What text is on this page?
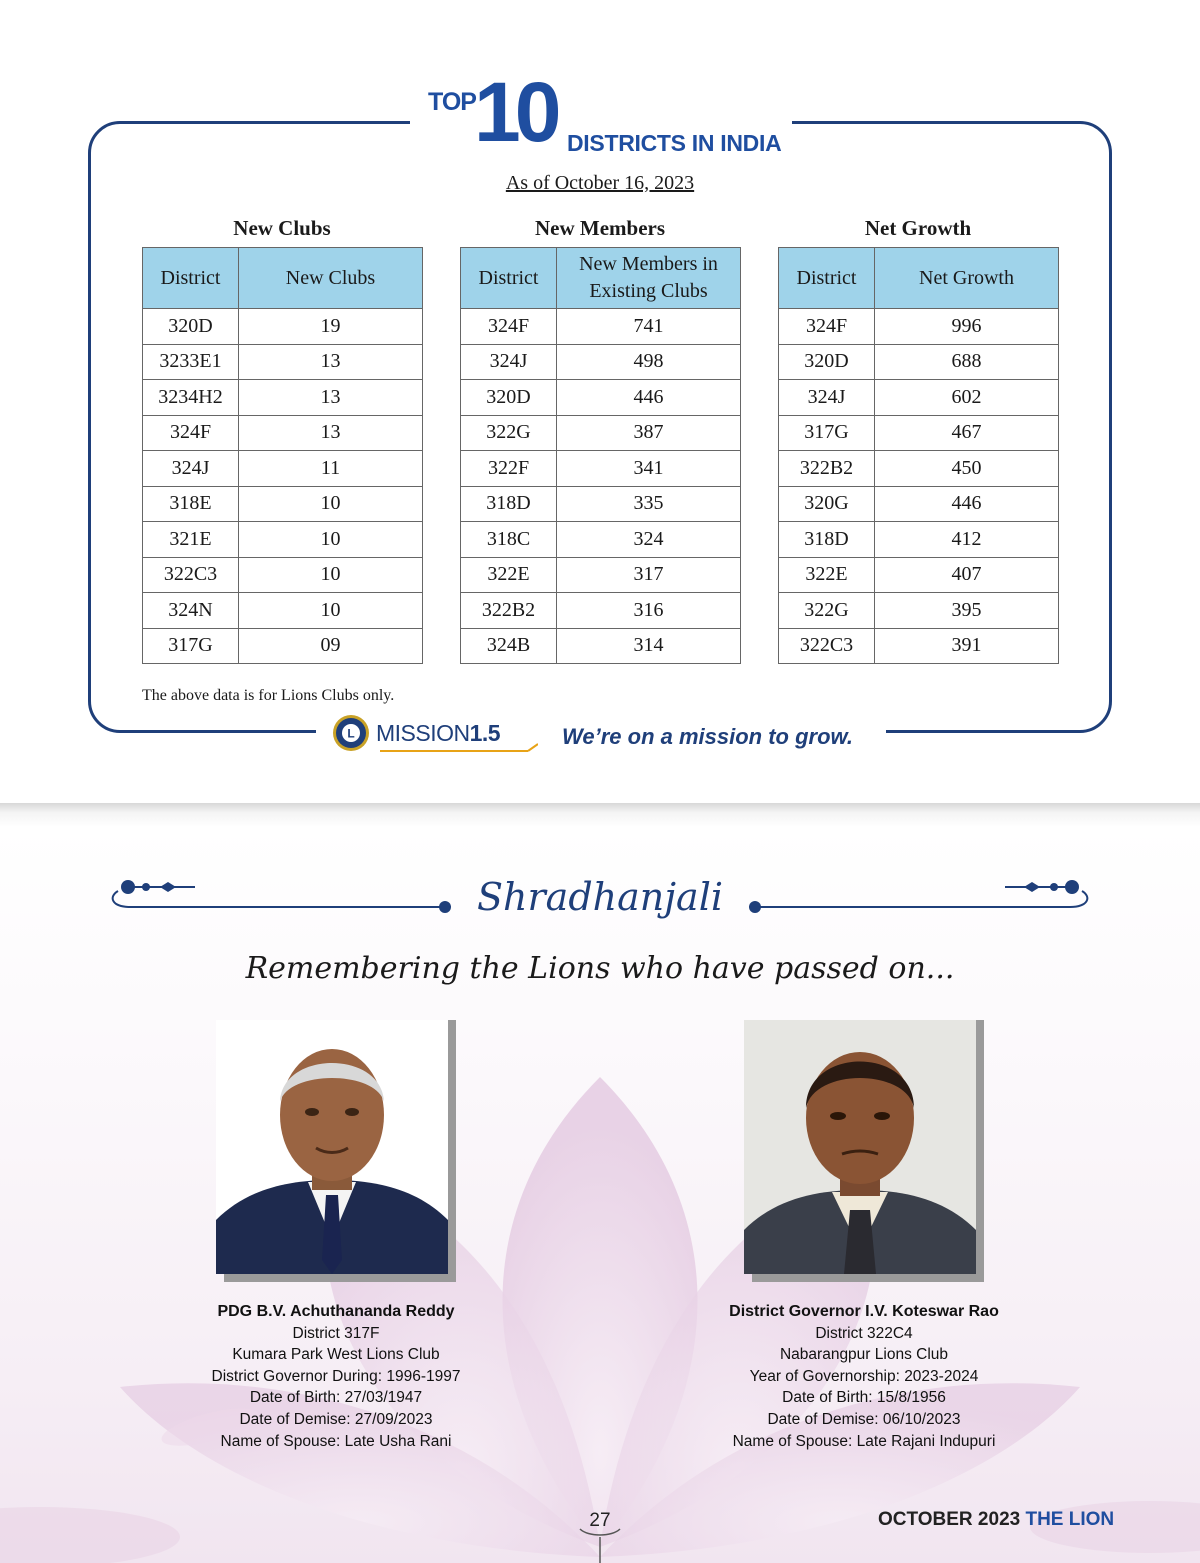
TOP
10 DISTRICTS IN INDIA
As of October 16, 2023
New Clubs
District	New Clubs
320D	19
3233E1	13
3234H2	13
324F	13
324J	11
318E	10
321E	10
322C3	10
324N	10
317G	09
New Members
District	New Members in Existing Clubs
324F	741
324J	498
320D	446
322G	387
322F	341
318D	335
318C	324
322E	317
322B2	316
324B	314
Net Growth
District	Net Growth
324F	996
320D	688
324J	602
317G	467
322B2	450
320G	446
318D	412
322E	407
322G	395
322C3	391
The above data is for Lions Clubs only.
L MISSION1.5	We’re on a mission to grow.
Shradhanjali
Remembering the Lions who have passed on...
PDG B.V. Achuthananda Reddy
District 317F
Kumara Park West Lions Club
District Governor During: 1996-1997
Date of Birth: 27/03/1947
Date of Demise: 27/09/2023
Name of Spouse: Late Usha Rani
District Governor I.V. Koteswar Rao
District 322C4
Nabarangpur Lions Club
Year of Governorship: 2023-2024
Date of Birth: 15/8/1956
Date of Demise: 06/10/2023
Name of Spouse: Late Rajani Indupuri
27	OCTOBER 2023 THE LION
